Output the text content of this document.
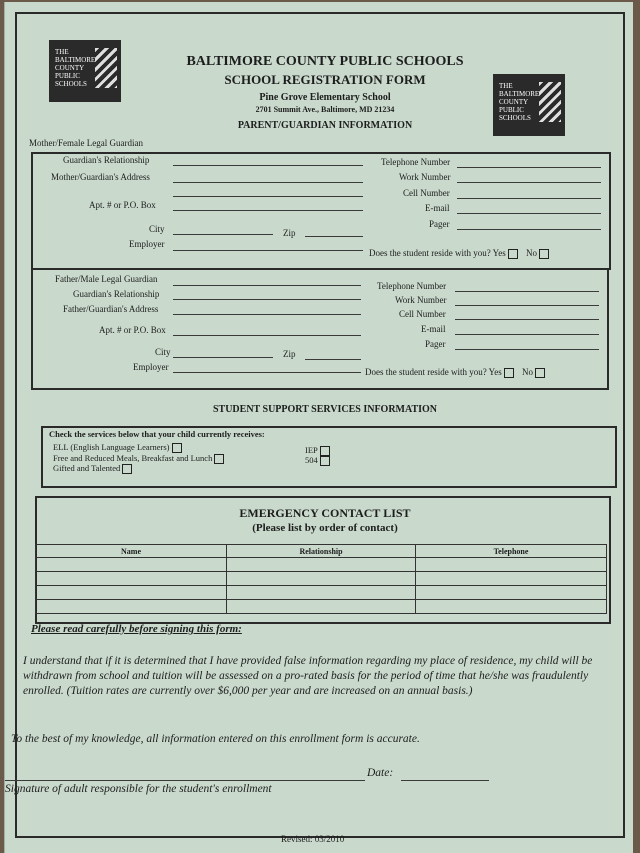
THE
BALTIMORE
COUNTY
PUBLIC
SCHOOLS	THE
BALTIMORE
COUNTY
PUBLIC
SCHOOLS
BALTIMORE COUNTY PUBLIC SCHOOLS
SCHOOL REGISTRATION FORM
Pine Grove Elementary School
2701 Summit Ave., Baltimore, MD 21234
PARENT/GUARDIAN INFORMATION
Mother/Female Legal Guardian
Guardian's Relationship
Mother/Guardian's Address
Apt. # or P.O. Box
City	Zip
Employer
Telephone Number
Work Number
Cell Number
E-mail
Pager
Does the student reside with you? Yes No
Father/Male Legal Guardian
Guardian's Relationship
Father/Guardian's Address
Apt. # or P.O. Box
City	Zip
Employer
Telephone Number
Work Number
Cell Number
E-mail
Pager
Does the student reside with you? Yes No
STUDENT SUPPORT SERVICES INFORMATION
Check the services below that your child currently receives:
ELL (English Language Learners)
Free and Reduced Meals, Breakfast and Lunch
Gifted and Talented
IEP
504
EMERGENCY CONTACT LIST
(Please list by order of contact)
Name	Relationship	Telephone

Please read carefully before signing this form:
I understand that if it is determined that I have provided false information regarding my place of residence, my child will be withdrawn from school and tuition will be assessed on a pro-rated basis for the period of time that he/she was fraudulently enrolled. (Tuition rates are currently over $6,000 per year and are increased on an annual basis.)
To the best of my knowledge, all information entered on this enrollment form is accurate.
Date:
Signature of adult responsible for the student's enrollment
Revised: 03/2010
